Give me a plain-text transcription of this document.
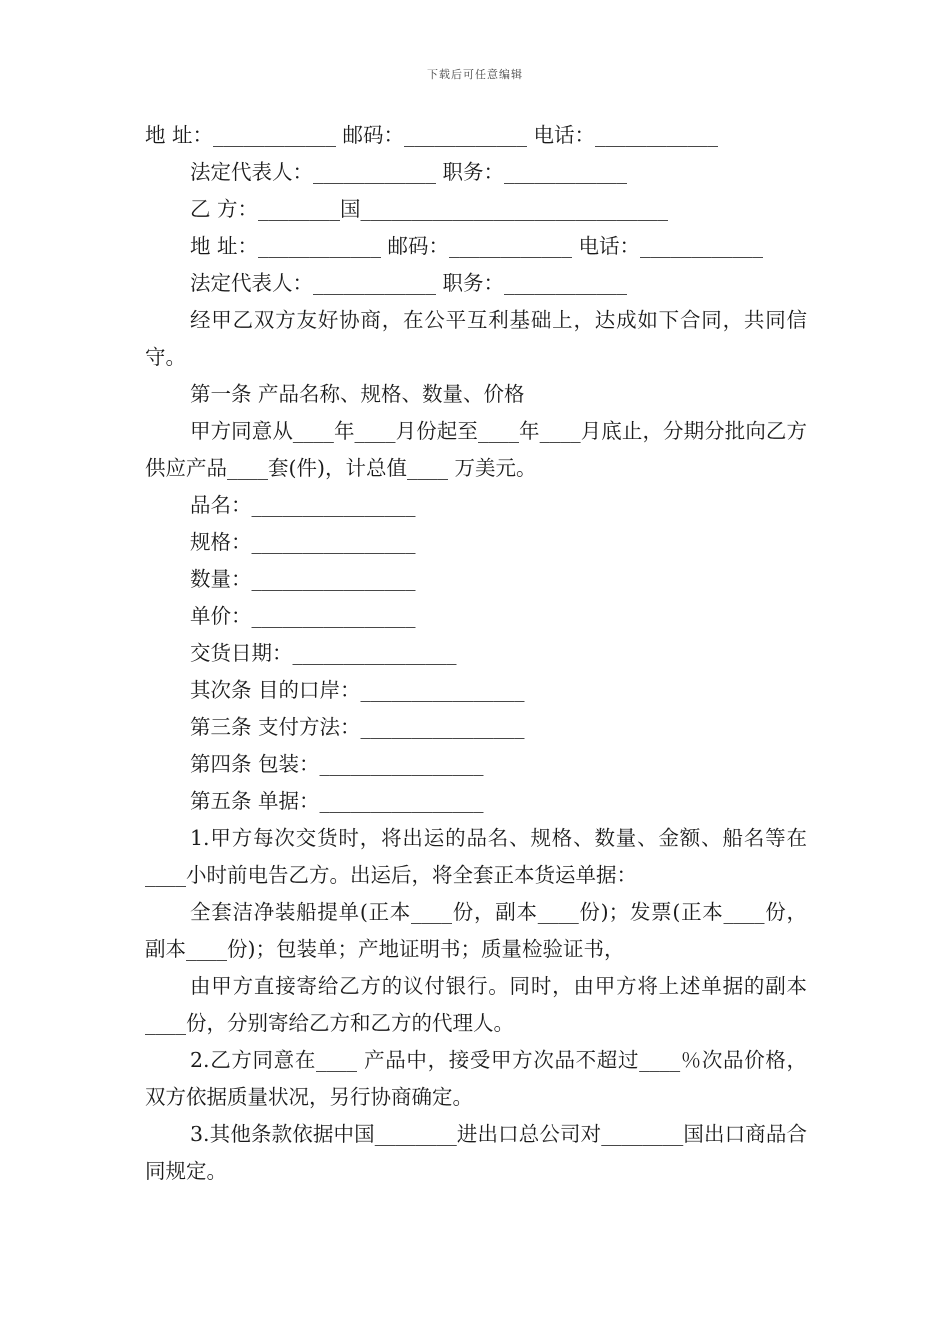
下载后可任意编辑

地 址：____________ 邮码：____________ 电话：____________

法定代表人：____________ 职务：____________

乙 方：________国______________________________

地 址：____________ 邮码：____________ 电话：____________

法定代表人：____________ 职务：____________

经甲乙双方友好协商，在公平互利基础上，达成如下合同，共同信守。

第一条 产品名称、规格、数量、价格

甲方同意从____年____月份起至____年____月底止，分期分批向乙方供应产品____套(件)，计总值____ 万美元。

品名：________________

规格：________________

数量：________________

单价：________________

交货日期：________________

其次条 目的口岸：________________

第三条 支付方法：________________

第四条 包装：________________

第五条 单据：________________

1.甲方每次交货时，将出运的品名、规格、数量、金额、船名等在____小时前电告乙方。出运后，将全套正本货运单据：

全套洁净装船提单(正本____份，副本____份)；发票(正本____份，副本____份)；包装单；产地证明书；质量检验证书，

由甲方直接寄给乙方的议付银行。同时，由甲方将上述单据的副本____份，分别寄给乙方和乙方的代理人。

2.乙方同意在____ 产品中，接受甲方次品不超过____％次品价格，双方依据质量状况，另行协商确定。

3.其他条款依据中国________进出口总公司对________国出口商品合同规定。
